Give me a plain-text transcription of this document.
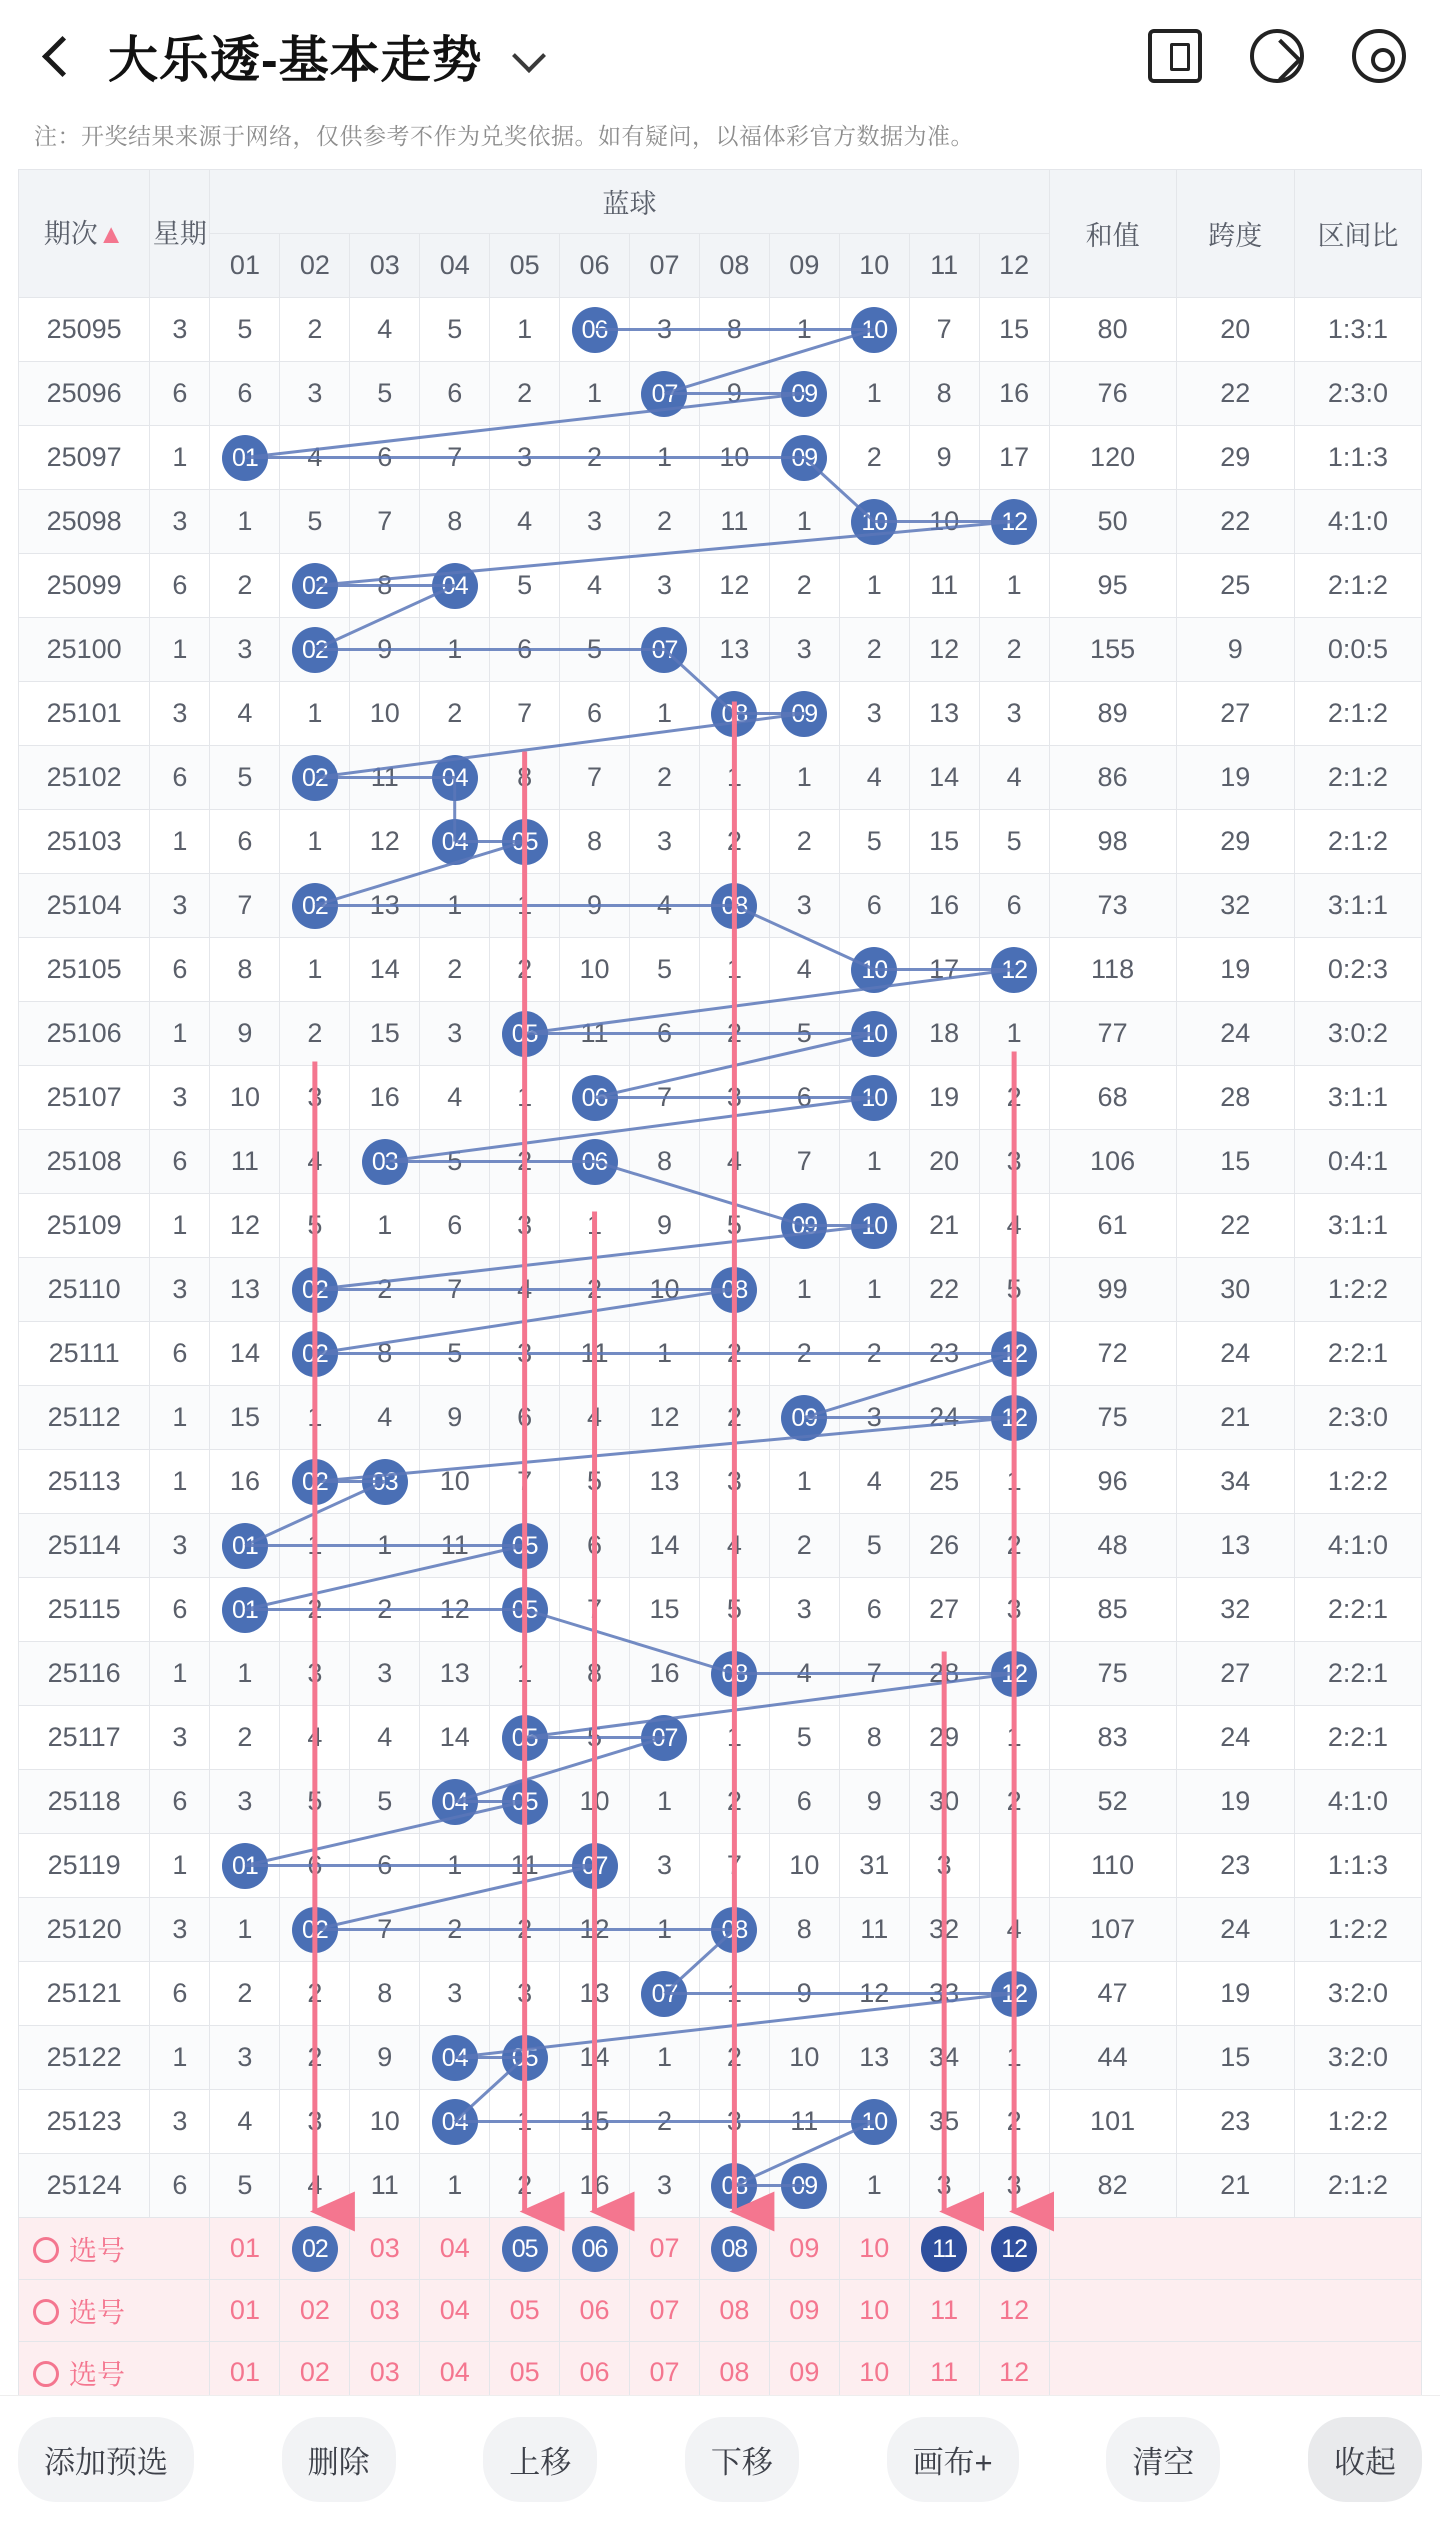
大乐透-基本走势
注：开奖结果来源于网络，仅供参考不作为兑奖依据。如有疑问，以福体彩官方数据为准。
期次▲	星期	蓝球												和值	跨度	区间比
		01	02	03	04	05	06	07	08	09	10	11	12			
25095	3	5	2	4	5	1	06	3	8	1	10	7	15	80	20	1:3:1
25096	6	6	3	5	6	2	1	07	9	09	1	8	16	76	22	2:3:0
25097	1	01	4	6	7	3	2	1	10	09	2	9	17	120	29	1:1:3
25098	3	1	5	7	8	4	3	2	11	1	10	10	12	50	22	4:1:0
25099	6	2	02	8	04	5	4	3	12	2	1	11	1	95	25	2:1:2
25100	1	3	02	9	1	6	5	07	13	3	2	12	2	155	9	0:0:5
25101	3	4	1	10	2	7	6	1	08	09	3	13	3	89	27	2:1:2
25102	6	5	02	11	04	8	7	2	1	1	4	14	4	86	19	2:1:2
25103	1	6	1	12	04	05	8	3	2	2	5	15	5	98	29	2:1:2
25104	3	7	02	13	1	1	9	4	08	3	6	16	6	73	32	3:1:1
25105	6	8	1	14	2	2	10	5	1	4	10	17	12	118	19	0:2:3
25106	1	9	2	15	3	05	11	6	2	5	10	18	1	77	24	3:0:2
25107	3	10	3	16	4	1	06	7	3	6	10	19	2	68	28	3:1:1
25108	6	11	4	03	5	2	06	8	4	7	1	20	3	106	15	0:4:1
25109	1	12	5	1	6	3	1	9	5	09	10	21	4	61	22	3:1:1
25110	3	13	02	2	7	4	2	10	08	1	1	22	5	99	30	1:2:2
25111	6	14	02	8	5	3	11	1	2	2	2	23	12	72	24	2:2:1
25112	1	15	1	4	9	6	4	12	2	09	3	24	12	75	21	2:3:0
25113	1	16	02	03	10	7	5	13	3	1	4	25	1	96	34	1:2:2
25114	3	01	1	1	11	05	6	14	4	2	5	26	2	48	13	4:1:0
25115	6	01	2	2	12	05	7	15	5	3	6	27	3	85	32	2:2:1
25116	1	1	3	3	13	1	8	16	08	4	7	28	12	75	27	2:2:1
25117	3	2	4	4	14	05	5	07	1	5	8	29	1	83	24	2:2:1
25118	6	3	5	5	04	05	10	1	2	6	9	30	2	52	19	4:1:0
25119	1	01	6	6	1	11	07	3	7	10	31	3		110	23	1:1:3
25120	3	1	02	7	2	2	12	1	08	8	11	32	4	107	24	1:2:2
25121	6	2	2	8	3	3	13	07	1	9	12	33	12	47	19	3:2:0
25122	1	3	2	9	04	05	14	1	2	10	13	34	1	44	15	3:2:0
25123	3	4	3	10	04	1	15	2	3	11	10	35	2	101	23	1:2:2
25124	6	5	4	11	1	2	16	3	08	09	1	3	3	82	21	2:1:2
选号		01	02	03	04	05	06	07	08	09	10	11	12			
选号		01	02	03	04	05	06	07	08	09	10	11	12			
选号		01	02	03	04	05	06	07	08	09	10	11	12			
添加预选	删除	上移	下移	画布+	清空	收起
